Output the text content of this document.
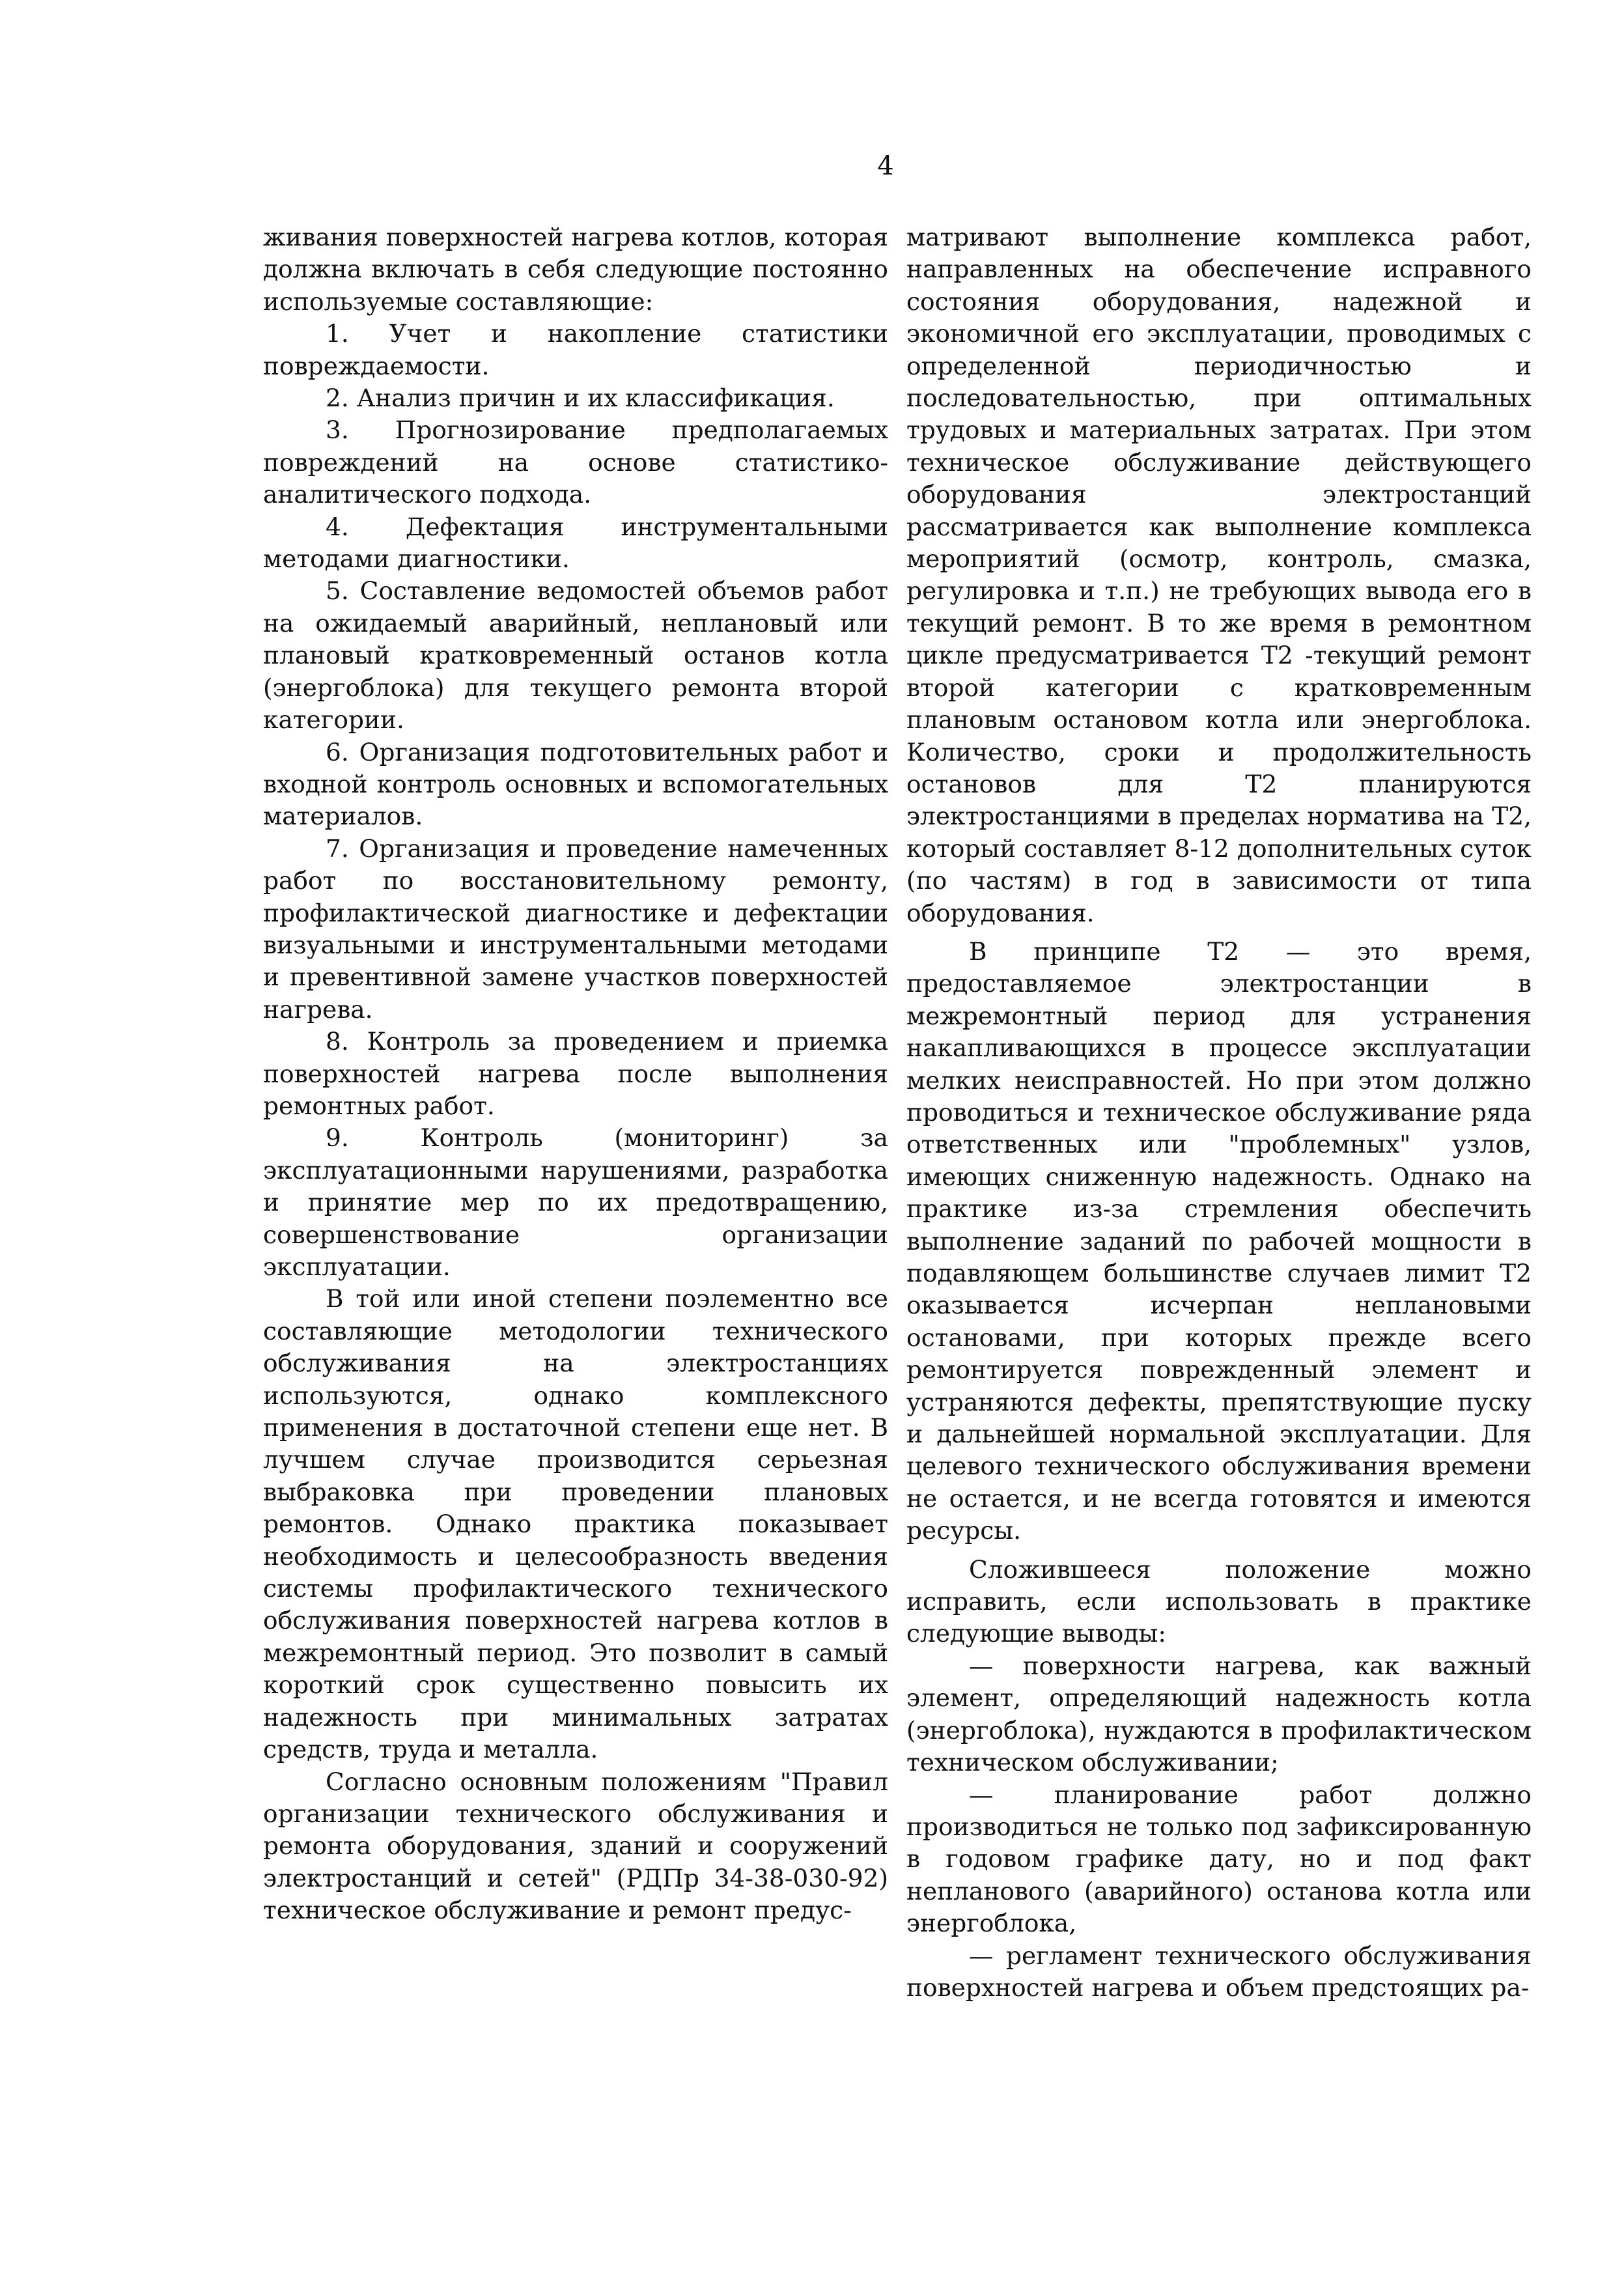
4

живания поверхностей нагрева котлов, которая должна включать в себя следующие постоянно используемые составляющие:

1. Учет и накопление статистики повреждаемости.

2. Анализ причин и их классификация.

3. Прогнозирование предполагаемых повреждений на основе статистико-аналитического подхода.

4. Дефектация инструментальными методами диагностики.

5. Составление ведомостей объемов работ на ожидаемый аварийный, неплановый или плановый кратковременный останов котла (энергоблока) для текущего ремонта второй категории.

6. Организация подготовительных работ и входной контроль основных и вспомогательных материалов.

7. Организация и проведение намеченных работ по восстановительному ремонту, профилактической диагностике и дефектации визуальными и инструментальными методами и превентивной замене участков поверхностей нагрева.

8. Контроль за проведением и приемка поверхностей нагрева после выполнения ремонтных работ.

9. Контроль (мониторинг) за эксплуатационными нарушениями, разработка и принятие мер по их предотвращению, совершенствование организации эксплуатации.

В той или иной степени поэлементно все составляющие методологии технического обслуживания на электростанциях используются, однако комплексного применения в достаточной степени еще нет. В лучшем случае производится серьезная выбраковка при проведении плановых ремонтов. Однако практика показывает необходимость и целесообразность введения системы профилактического технического обслуживания поверхностей нагрева котлов в межремонтный период. Это позволит в самый короткий срок существенно повысить их надежность при минимальных затратах средств, труда и металла.

Согласно основным положениям "Правил организации технического обслуживания и ремонта оборудования, зданий и сооружений электростанций и сетей" (РДПр 34-38-030-92) техническое обслуживание и ремонт предус-

матривают выполнение комплекса работ, направленных на обеспечение исправного состояния оборудования, надежной и экономичной его эксплуатации, проводимых с определенной периодичностью и последовательностью, при оптимальных трудовых и материальных затратах. При этом техническое обслуживание действующего оборудования электростанций рассматривается как выполнение комплекса мероприятий (осмотр, контроль, смазка, регулировка и т.п.) не требующих вывода его в текущий ремонт. В то же время в ремонтном цикле предусматривается Т2 -текущий ремонт второй категории с кратковременным плановым остановом котла или энергоблока. Количество, сроки и продолжительность остановов для Т2 планируются электростанциями в пределах норматива на Т2, который составляет 8-12 дополнительных суток (по частям) в год в зависимости от типа оборудования.

В принципе Т2 — это время, предоставляемое электростанции в межремонтный период для устранения накапливающихся в процессе эксплуатации мелких неисправностей. Но при этом должно проводиться и техническое обслуживание ряда ответственных или "проблемных" узлов, имеющих сниженную надежность. Однако на практике из-за стремления обеспечить выполнение заданий по рабочей мощности в подавляющем большинстве случаев лимит Т2 оказывается исчерпан неплановыми остановами, при которых прежде всего ремонтируется поврежденный элемент и устраняются дефекты, препятствующие пуску и дальнейшей нормальной эксплуатации. Для целевого технического обслуживания времени не остается, и не всегда готовятся и имеются ресурсы.

Сложившееся положение можно исправить, если использовать в практике следующие выводы:

— поверхности нагрева, как важный элемент, определяющий надежность котла (энергоблока), нуждаются в профилактическом техническом обслуживании;

— планирование работ должно производиться не только под зафиксированную в годовом графике дату, но и под факт непланового (аварийного) останова котла или энергоблока,

— регламент технического обслуживания поверхностей нагрева и объем предстоящих ра-
